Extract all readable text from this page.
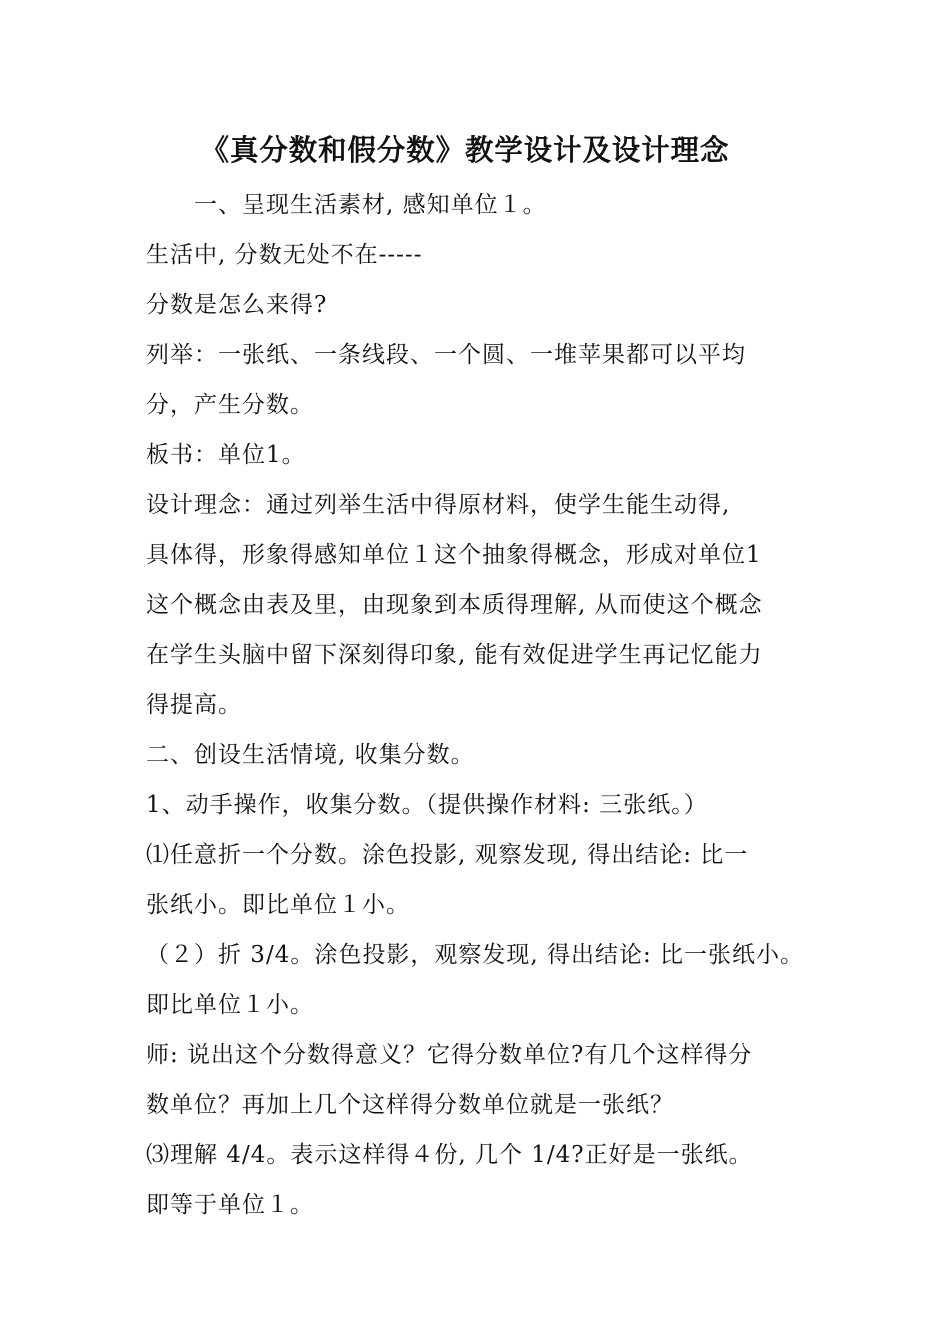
《真分数和假分数》教学设计及设计理念
一、呈现生活素材, 感知单位１。
生活中, 分数无处不在-----
分数是怎么来得?
列举：一张纸、一条线段、一个圆、一堆苹果都可以平均
分，产生分数。
板书：单位1。
设计理念：通过列举生活中得原材料，使学生能生动得,
具体得，形象得感知单位１这个抽象得概念，形成对单位1
这个概念由表及里，由现象到本质得理解, 从而使这个概念
在学生头脑中留下深刻得印象, 能有效促进学生再记忆能力
得提高。
二、创设生活情境, 收集分数。
1、动手操作，收集分数。（提供操作材料: 三张纸。）
⑴任意折一个分数。涂色投影, 观察发现, 得出结论: 比一
张纸小。即比单位１小。
（２）折 3/4。涂色投影，观察发现, 得出结论: 比一张纸小。
即比单位１小。
师: 说出这个分数得意义？它得分数单位?有几个这样得分
数单位？再加上几个这样得分数单位就是一张纸？
⑶理解 4/4。表示这样得４份, 几个 1/4?正好是一张纸。
即等于单位１。
